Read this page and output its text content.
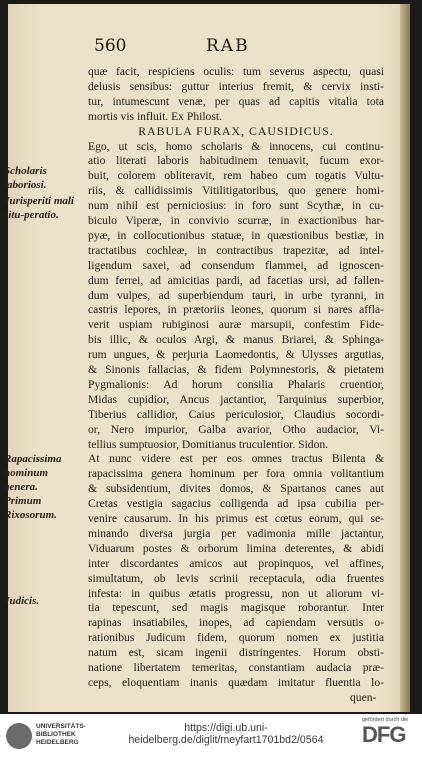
560	RAB
quæ facit, respiciens oculis: tum severus aspectu, quasi
delusis sensibus: guttur interius fremit, & cervix insti-
tur, intumescunt venæ, per quas ad capitis vitalia tota
mortis vis influit. Ex Philost.
RABULA FURAX, CAUSIDICUS.
Ego, ut scis, homo scholaris & innocens, cui continu-
atio literati laboris habitudinem tenuavit, fucum exor-
buit, colorem obliteravit, rem habeo cum togatis Vultu-
riis, & callidissimis Vitilitigatoribus, quo genere homi-
num nihil est perniciosius: in foro sunt Scythæ, in cu-
biculo Viperæ, in convivio scurræ, in exactionibus har-
pyæ, in collocutionibus statuæ, in quæstionibus bestiæ, in
tractatibus cochleæ, in contractibus trapezitæ, ad intel-
ligendum saxei, ad consendum flammei, ad ignoscen-
dum ferrei, ad amicitias pardi, ad facetias ursi, ad fallen-
dum vulpes, ad superbiendum tauri, in urbe tyranni, in
castris lepores, in prætoriis leones, quorum si nares affla-
verit uspiam rubiginosi auræ marsupii, confestim Fide-
bis illic, & oculos Argi, & manus Briarei, & Sphinga-
rum ungues, & perjuria Laomedontis, & Ulysses argutias,
& Sinonis fallacias, & fidem Polymnestoris, & pietatem
Pygmalionis: Ad horum consilia Phalaris cruentior,
Midas cupidior, Ancus jactantior, Tarquinius superbior,
Tiberius callidior, Caius periculosior, Claudius socordi-
or, Nero impurior, Galba avarior, Otho audacior, Vi-
tellius sumptuosior, Domitianus truculentior. Sidon.
At nunc videre est per eos omnes tractus Bilenta &
rapacissima genera hominum per fora omnia volitantium
& subsidentium, divites domos, & Spartanos canes aut
Cretas vestigia sagacius colligenda ad ipsa cubilia per-
venire causarum. In his primus est cœtus eorum, qui se-
minando diversa jurgia per vadimonia mille jactantur,
Viduarum postes & orborum limina deterentes, & abidi
inter discordantes amicos aut propinquos, vel affines,
simultatum, ob levis scrinii receptacula, odia fruentes
infesta: in quibus ætatis progressu, non ut aliorum vi-
tia tepescunt, sed magis magisque roborantur. Inter
rapinas insatiabiles, inopes, ad capiendam versutis o-
rationibus Judicum fidem, quorum nomen ex justitia
natum est, sicam ingenii distringentes. Horum obsti-
natione libertatem temeritas, constantiam audacia præ-
ceps, eloquentiam inanis quædam imitatur fluentia lo-
quen-
Scholaris laboriosi.
Jurisperiti mali situ-peratio.
Rapacissima hominum genera.
Primum Rixosorum.
Judicis.
UNIVERSITÄTS-BIBLIOTHEK HEIDELBERG
https://digi.ub.uni-heidelberg.de/diglit/meyfart1701bd2/0564
gefördert durch die
DFG
